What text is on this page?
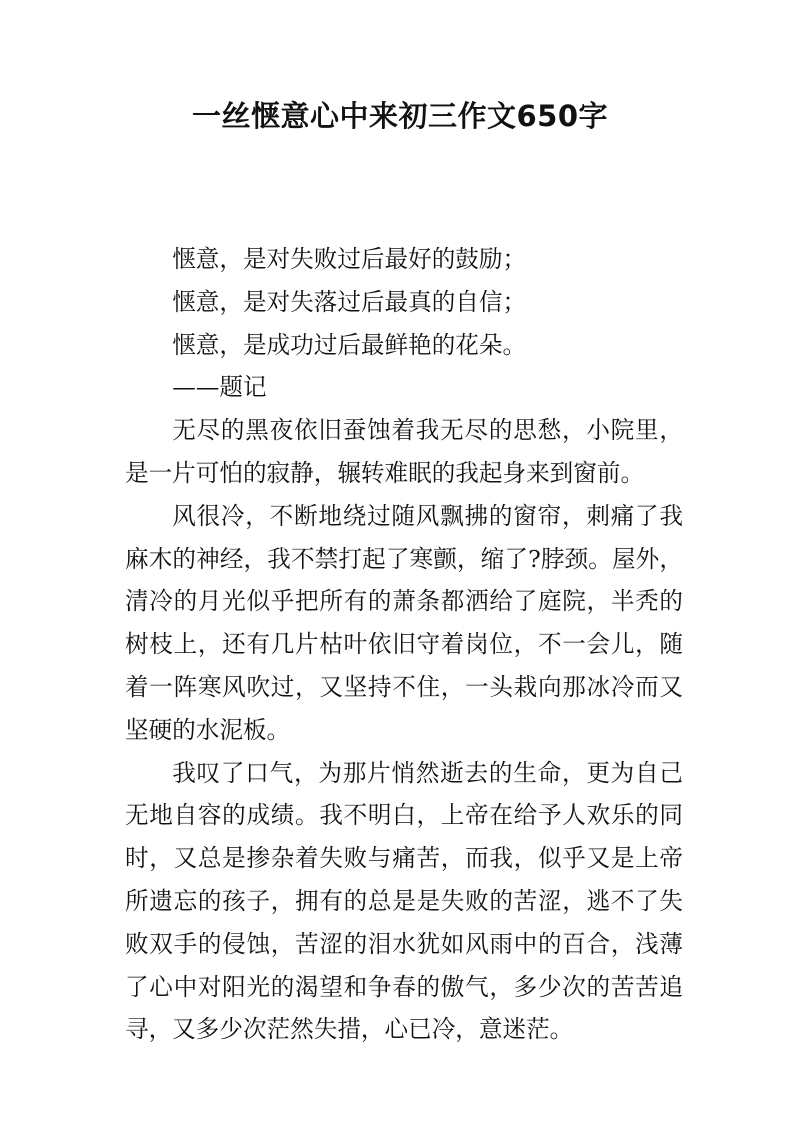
一丝惬意心中来初三作文650字

惬意，是对失败过后最好的鼓励；

惬意，是对失落过后最真的自信；

惬意，是成功过后最鲜艳的花朵。

——题记

无尽的黑夜依旧蚕蚀着我无尽的思愁，小院里，是一片可怕的寂静，辗转难眠的我起身来到窗前。

风很冷，不断地绕过随风飘拂的窗帘，刺痛了我麻木的神经，我不禁打起了寒颤，缩了?脖颈。屋外，清冷的月光似乎把所有的萧条都洒给了庭院，半秃的树枝上，还有几片枯叶依旧守着岗位，不一会儿，随着一阵寒风吹过，又坚持不住，一头栽向那冰冷而又坚硬的水泥板。

我叹了口气，为那片悄然逝去的生命，更为自己无地自容的成绩。我不明白，上帝在给予人欢乐的同时，又总是掺杂着失败与痛苦，而我，似乎又是上帝所遗忘的孩子，拥有的总是是失败的苦涩，逃不了失败双手的侵蚀，苦涩的泪水犹如风雨中的百合，浅薄了心中对阳光的渴望和争春的傲气，多少次的苦苦追寻，又多少次茫然失措，心已冷，意迷茫。
